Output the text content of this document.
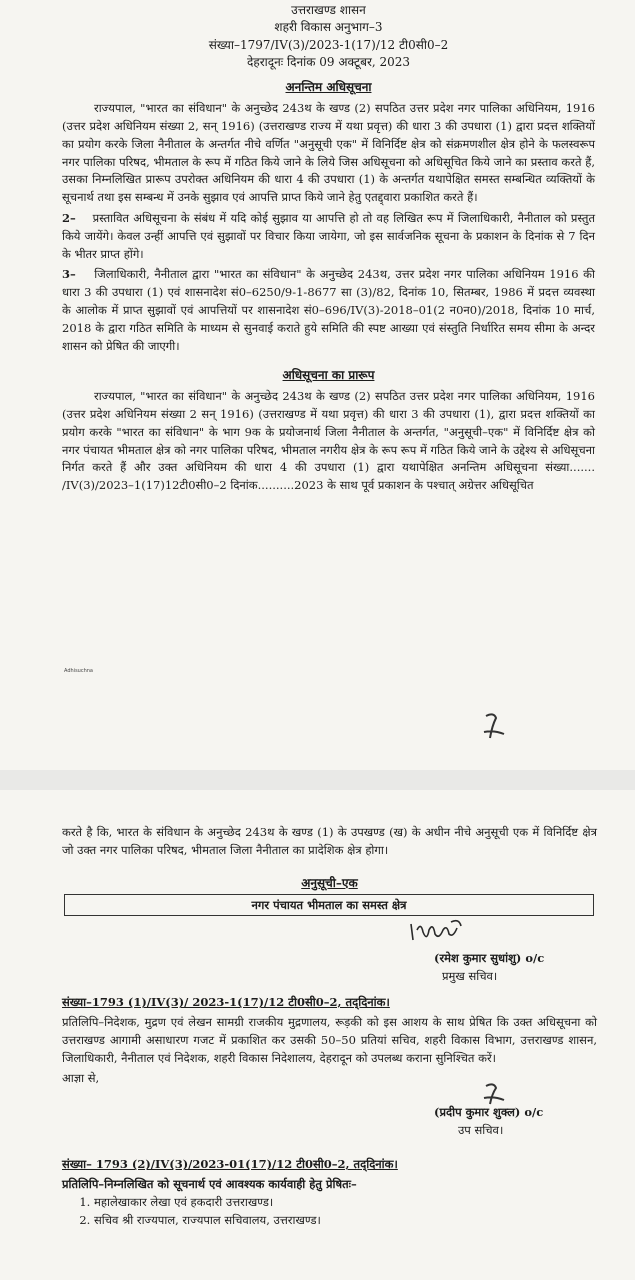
उत्तराखण्ड शासन
शहरी विकास अनुभाग–3
संख्या–1797/IV(3)/2023-1(17)/12 टी0सी0–2
देहरादूनः दिनांक 09 अक्टूबर, 2023
अनन्तिम अधिसूचना

राज्यपाल, "भारत का संविधान" के अनुच्छेद 243थ के खण्ड (2) सपठित उत्तर प्रदेश नगर पालिका अधिनियम, 1916 (उत्तर प्रदेश अधिनियम संख्या 2, सन् 1916) (उत्तराखण्ड राज्य में यथा प्रवृत्त) की धारा 3 की उपधारा (1) द्वारा प्रदत्त शक्तियों का प्रयोग करके जिला नैनीताल के अन्तर्गत नीचे वर्णित "अनुसूची एक" में विनिर्दिष्ट क्षेत्र को संक्रमणशील क्षेत्र होने के फलस्वरूप नगर पालिका परिषद, भीमताल के रूप में गठित किये जाने के लिये जिस अधिसूचना को अधिसूचित किये जाने का प्रस्ताव करते हैं, उसका निम्नलिखित प्रारूप उपरोक्त अधिनियम की धारा 4 की उपधारा (1) के अन्तर्गत यथापेक्षित समस्त सम्बन्धित व्यक्तियों के सूचनार्थ तथा इस सम्बन्ध में उनके सुझाव एवं आपत्ति प्राप्त किये जाने हेतु एतद्द्वारा प्रकाशित करते हैं।

2– प्रस्तावित अधिसूचना के संबंध में यदि कोई सुझाव या आपत्ति हो तो वह लिखित रूप में जिलाधिकारी, नैनीताल को प्रस्तुत किये जायेंगे। केवल उन्हीं आपत्ति एवं सुझावों पर विचार किया जायेगा, जो इस सार्वजनिक सूचना के प्रकाशन के दिनांक से 7 दिन के भीतर प्राप्त होंगे।

3– जिलाधिकारी, नैनीताल द्वारा "भारत का संविधान" के अनुच्छेद 243थ, उत्तर प्रदेश नगर पालिका अधिनियम 1916 की धारा 3 की उपधारा (1) एवं शासनादेश सं0–6250/9-1-8677 सा (3)/82, दिनांक 10, सितम्बर, 1986 में प्रदत्त व्यवस्था के आलोक में प्राप्त सुझावों एवं आपत्तियों पर शासनादेश सं0–696/IV(3)-2018–01(2 न0न0)/2018, दिनांक 10 मार्च, 2018 के द्वारा गठित समिति के माध्यम से सुनवाई कराते हुये समिति की स्पष्ट आख्या एवं संस्तुति निर्धारित समय सीमा के अन्दर शासन को प्रेषित की जाएगी।

अधिसूचना का प्रारूप

राज्यपाल, "भारत का संविधान" के अनुच्छेद 243थ के खण्ड (2) सपठित उत्तर प्रदेश नगर पालिका अधिनियम, 1916 (उत्तर प्रदेश अधिनियम संख्या 2 सन् 1916) (उत्तराखण्ड में यथा प्रवृत्त) की धारा 3 की उपधारा (1), द्वारा प्रदत्त शक्तियों का प्रयोग करके "भारत का संविधान" के भाग 9क के प्रयोजनार्थ जिला नैनीताल के अन्तर्गत, "अनुसूची–एक" में विनिर्दिष्ट क्षेत्र को नगर पंचायत भीमताल क्षेत्र को नगर पालिका परिषद, भीमताल नगरीय क्षेत्र के रूप रूप में गठित किये जाने के उद्देश्य से अधिसूचना निर्गत करते हैं और उक्त अधिनियम की धारा 4 की उपधारा (1) द्वारा यथापेक्षित अनन्तिम अधिसूचना संख्या....... /IV(3)/2023–1(17)12टी0सी0–2 दिनांक..........2023 के साथ पूर्व प्रकाशन के पश्चात् अग्रेत्तर अधिसूचित

Adhisuchna

करते है कि, भारत के संविधान के अनुच्छेद 243थ के खण्ड (1) के उपखण्ड (ख) के अधीन नीचे अनुसूची एक में विनिर्दिष्ट क्षेत्र जो उक्त नगर पालिका परिषद, भीमताल जिला नैनीताल का प्रादेशिक क्षेत्र होगा।

अनुसूची–एक
नगर पंचायत भीमताल का समस्त क्षेत्र
(रमेश कुमार सुधांशु) ο/c
प्रमुख सचिव।
संख्या–1793 (1)/IV(3)/ 2023-1(17)/12 टी0सी0–2, तद्‌दिनांक।

प्रतिलिपि–निदेशक, मुद्रण एवं लेखन सामग्री राजकीय मुद्रणालय, रूड़की को इस आशय के साथ प्रेषित कि उक्त अधिसूचना को उत्तराखण्ड आगामी असाधारण गजट में प्रकाशित कर उसकी 50–50 प्रतियां सचिव, शहरी विकास विभाग, उत्तराखण्ड शासन, जिलाधिकारी, नैनीताल एवं निदेशक, शहरी विकास निदेशालय, देहरादून को उपलब्ध कराना सुनिश्चित करें।

आज्ञा से,
(प्रदीप कुमार शुक्ल) ο/c
उप सचिव।
संख्या– 1793 (2)/IV(3)/2023-01(17)/12 टी0सी0–2, तद्‌दिनांक।
प्रतिलिपि–निम्नलिखित को सूचनार्थ एवं आवश्यक कार्यवाही हेतु प्रेषितः–
1. महालेखाकार लेखा एवं हकदारी उत्तराखण्ड।
2. सचिव श्री राज्यपाल, राज्यपाल सचिवालय, उत्तराखण्ड।
